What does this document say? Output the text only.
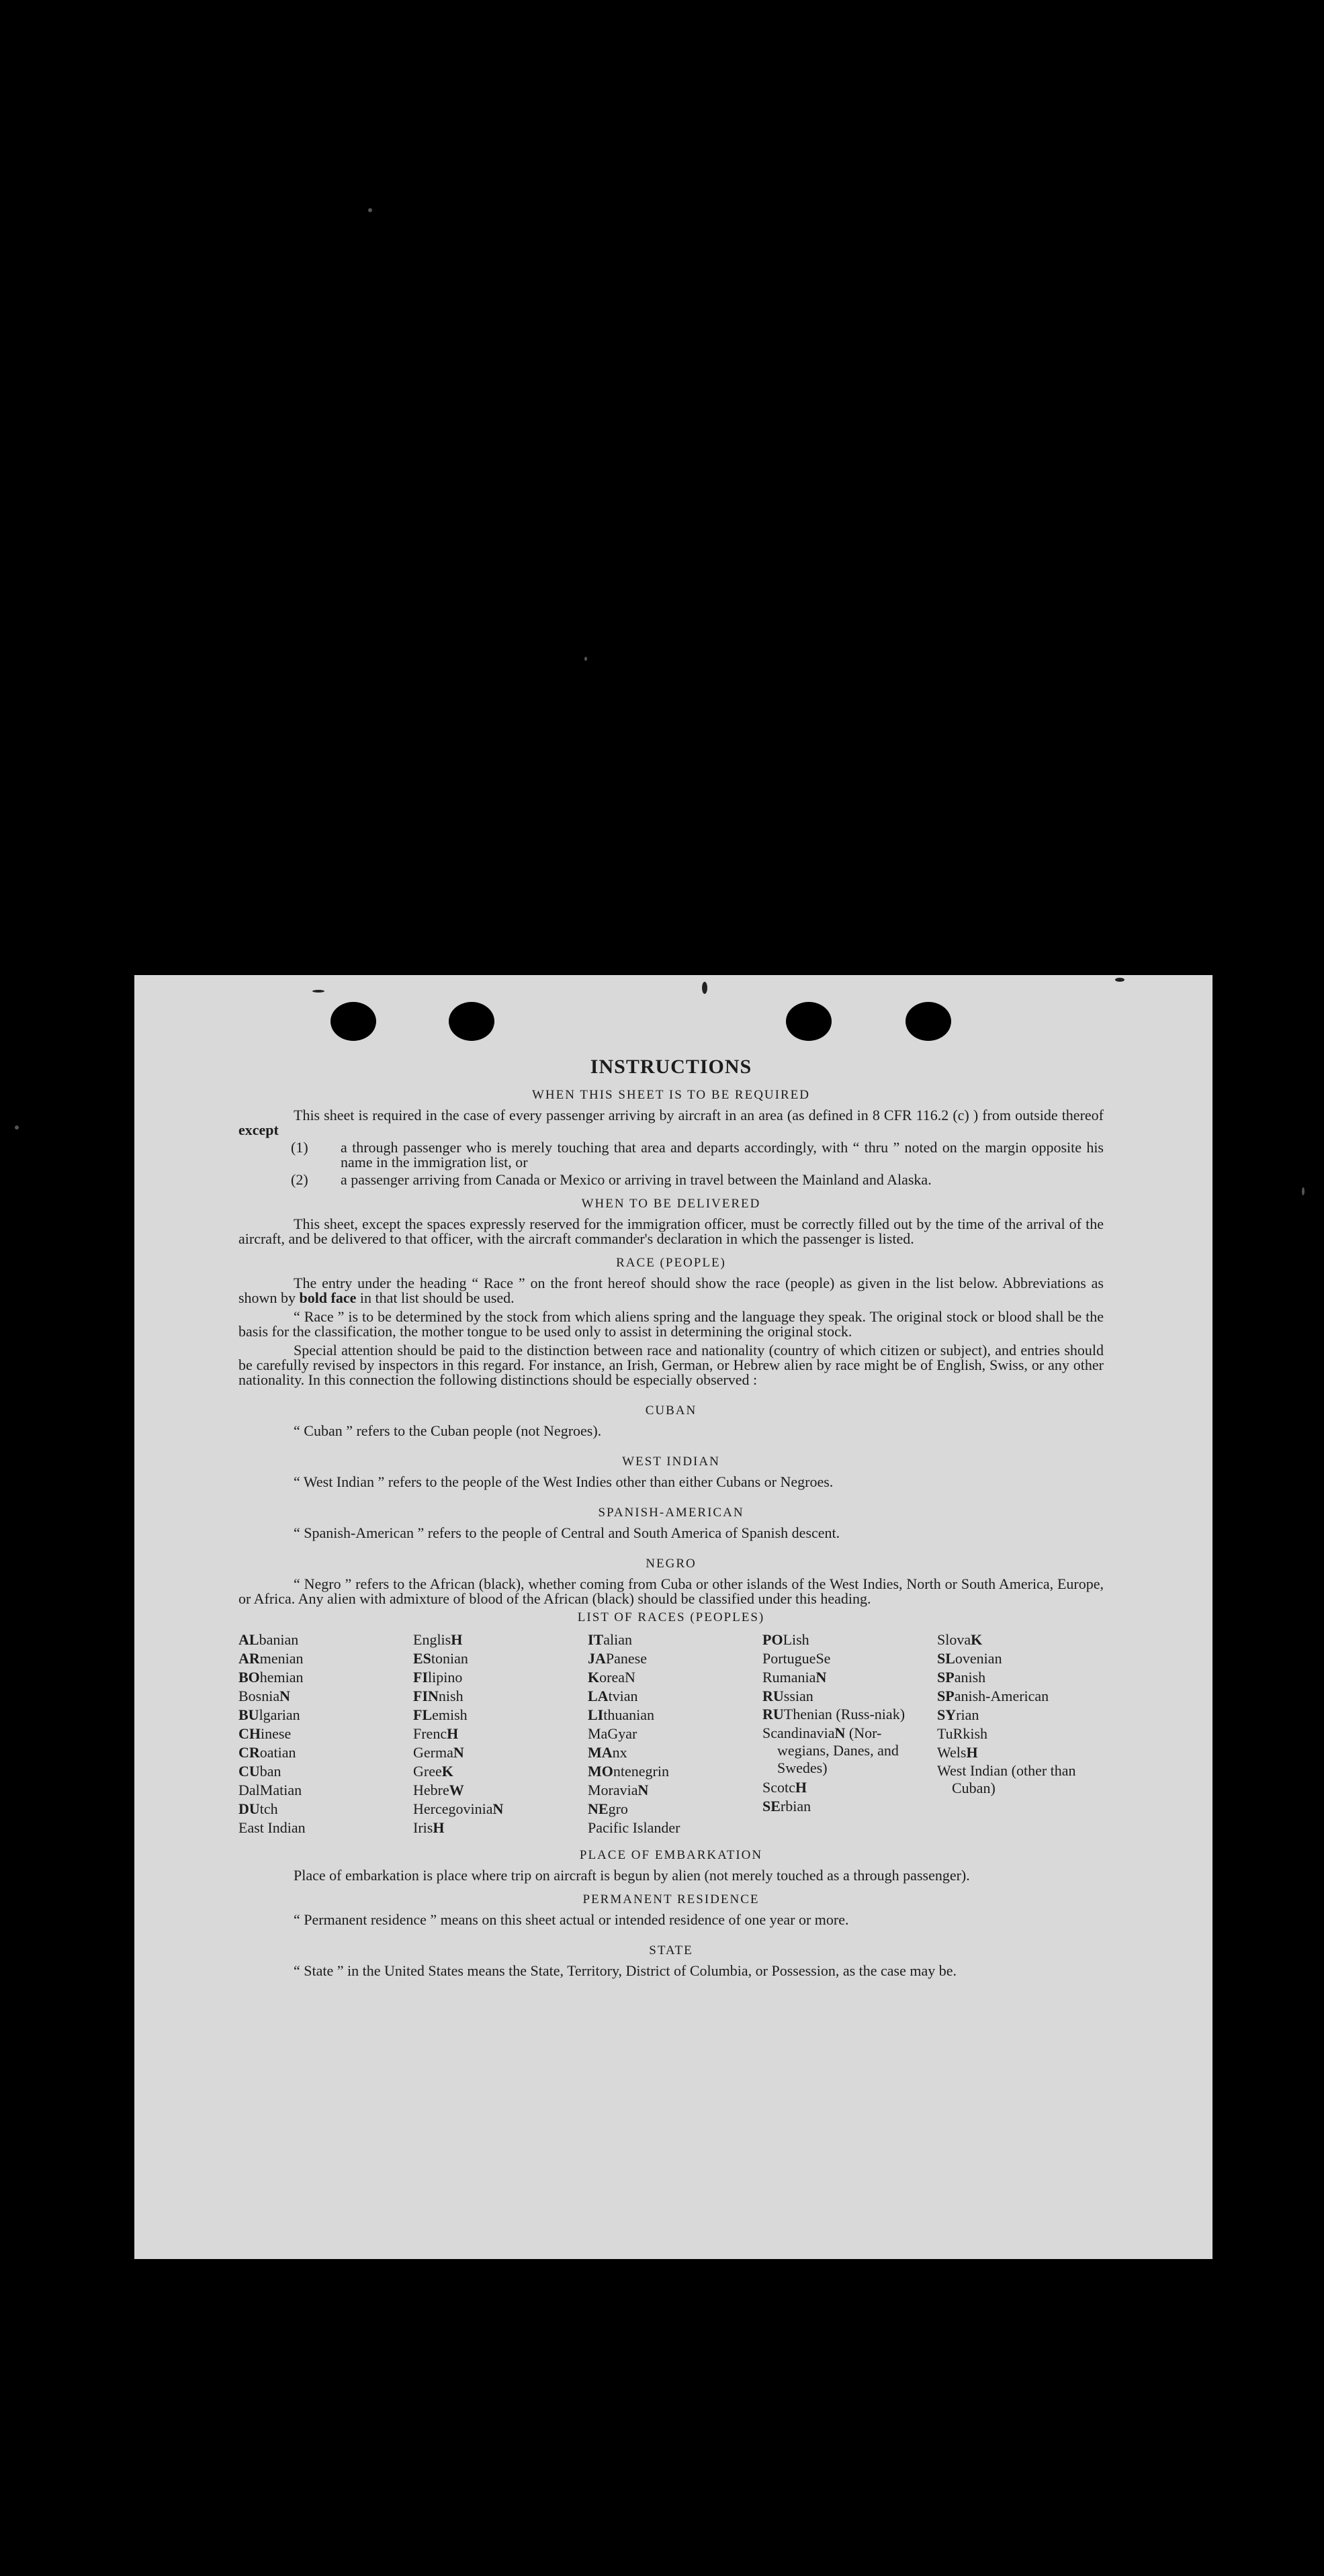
INSTRUCTIONS
WHEN THIS SHEET IS TO BE REQUIRED

This sheet is required in the case of every passenger arriving by aircraft in an area (as defined in 8 CFR 116.2 (c) ) from outside thereof except

(1)	a through passenger who is merely touching that area and departs accordingly, with “ thru ” noted on the margin opposite his name in the immigration list, or
(2)	a passenger arriving from Canada or Mexico or arriving in travel between the Mainland and Alaska.
WHEN TO BE DELIVERED

This sheet, except the spaces expressly reserved for the immigration officer, must be correctly filled out by the time of the arrival of the aircraft, and be delivered to that officer, with the aircraft commander's declaration in which the passenger is listed.

RACE (PEOPLE)

The entry under the heading “ Race ” on the front hereof should show the race (people) as given in the list below. Abbreviations as shown by bold face in that list should be used.

“ Race ” is to be determined by the stock from which aliens spring and the language they speak. The original stock or blood shall be the basis for the classification, the mother tongue to be used only to assist in determining the original stock.

Special attention should be paid to the distinction between race and nationality (country of which citizen or subject), and entries should be carefully revised by inspectors in this regard. For instance, an Irish, German, or Hebrew alien by race might be of English, Swiss, or any other nationality. In this connection the following distinctions should be especially observed :

CUBAN

“ Cuban ” refers to the Cuban people (not Negroes).

WEST INDIAN

“ West Indian ” refers to the people of the West Indies other than either Cubans or Negroes.

SPANISH-AMERICAN

“ Spanish-American ” refers to the people of Central and South America of Spanish descent.

NEGRO

“ Negro ” refers to the African (black), whether coming from Cuba or other islands of the West Indies, North or South America, Europe, or Africa. Any alien with admixture of blood of the African (black) should be classified under this heading.

LIST OF RACES (PEOPLES)
ALbanian
ARmenian
BOhemian
BosniaN
BUlgarian
CHinese
CRoatian
CUban
DalMatian
DUtch
East Indian
EnglisH
EStonian
FIlipino
FINnish
FLemish
FrencH
GermaN
GreeK
HebreW
HercegoviniaN
IrisH
ITalian
JAPanese
KoreaN
LAtvian
LIthuanian
MaGyar
MAnx
MOntenegrin
MoraviaN
NEgro
Pacific Islander
POLish
PortugueSe
RumaniaN
RUssian
RUThenian (Russ-niak)
ScandinaviaN (Nor-wegians, Danes, and Swedes)
ScotcH
SErbian
SlovaK
SLovenian
SPanish
SPanish-American
SYrian
TuRkish
WelsH
West Indian (other than Cuban)
PLACE OF EMBARKATION

Place of embarkation is place where trip on aircraft is begun by alien (not merely touched as a through passenger).

PERMANENT RESIDENCE

“ Permanent residence ” means on this sheet actual or intended residence of one year or more.

STATE

“ State ” in the United States means the State, Territory, District of Columbia, or Possession, as the case may be.
